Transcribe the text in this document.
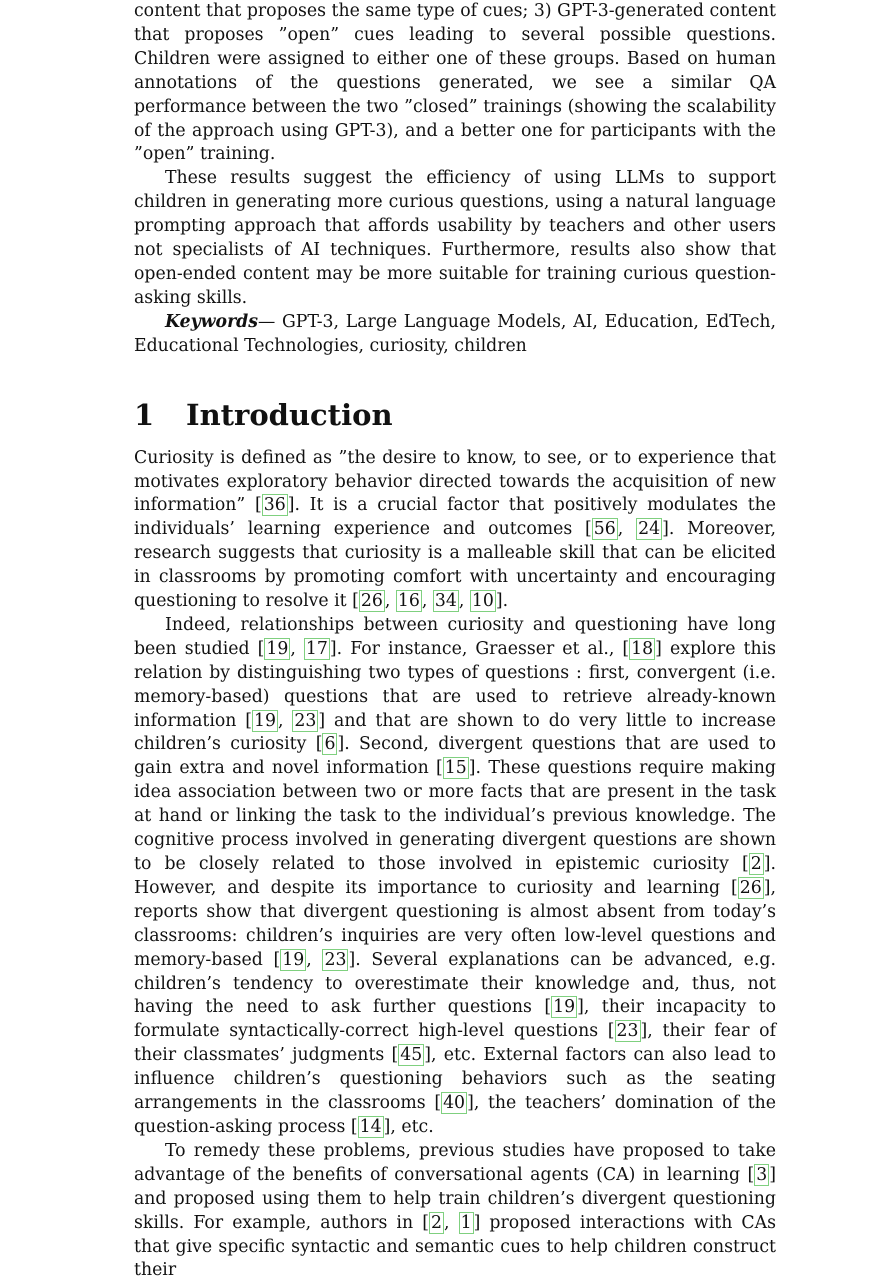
content that proposes the same type of cues; 3) GPT-3-generated content that proposes ”open” cues leading to several possible questions. Children were assigned to either one of these groups. Based on human annotations of the questions generated, we see a similar QA performance between the two ”closed” trainings (showing the scalability of the approach using GPT-3), and a better one for participants with the ”open” training.

These results suggest the efficiency of using LLMs to support children in generating more curious questions, using a natural language prompting approach that affords usability by teachers and other users not specialists of AI techniques. Furthermore, results also show that open-ended content may be more suitable for training curious question-asking skills.

Keywords— GPT-3, Large Language Models, AI, Education, EdTech, Educational Technologies, curiosity, children

1 Introduction

Curiosity is defined as ”the desire to know, to see, or to experience that motivates exploratory behavior directed towards the acquisition of new information” [ 36 ]. It is a crucial factor that positively modulates the individuals’ learning experience and outcomes [ 56 , 24 ]. Moreover, research suggests that curiosity is a malleable skill that can be elicited in classrooms by promoting comfort with uncertainty and encouraging questioning to resolve it [ 26 , 16 , 34 , 10 ].

Indeed, relationships between curiosity and questioning have long been studied [ 19 , 17 ]. For instance, Graesser et al., [ 18 ] explore this relation by distinguishing two types of questions : first, convergent (i.e. memory-based) questions that are used to retrieve already-known information [ 19 , 23 ] and that are shown to do very little to increase children’s curiosity [ 6 ]. Second, divergent questions that are used to gain extra and novel information [ 15 ]. These questions require making idea association between two or more facts that are present in the task at hand or linking the task to the individual’s previous knowledge. The cognitive process involved in generating divergent questions are shown to be closely related to those involved in epistemic curiosity [ 2 ]. However, and despite its importance to curiosity and learning [ 26 ], reports show that divergent questioning is almost absent from today’s classrooms: children’s inquiries are very often low-level questions and memory-based [ 19 , 23 ]. Several explanations can be advanced, e.g. children’s tendency to overestimate their knowledge and, thus, not having the need to ask further questions [ 19 ], their incapacity to formulate syntactically-correct high-level questions [ 23 ], their fear of their classmates’ judgments [ 45 ], etc. External factors can also lead to influence children’s questioning behaviors such as the seating arrangements in the classrooms [ 40 ], the teachers’ domination of the question-asking process [ 14 ], etc.

To remedy these problems, previous studies have proposed to take advantage of the benefits of conversational agents (CA) in learning [ 3 ] and proposed using them to help train children’s divergent questioning skills. For example, authors in [ 2 , 1 ] proposed interactions with CAs that give specific syntactic and semantic cues to help children construct their
